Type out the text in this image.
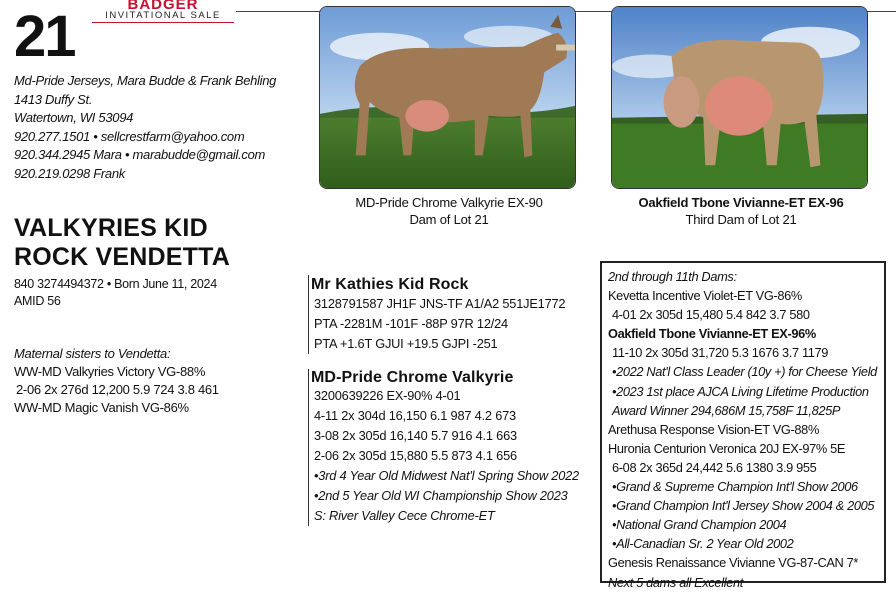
21	BADGER
INVITATIONAL SALE
Md-Pride Jerseys, Mara Budde & Frank Behling
1413 Duffy St.
Watertown, WI 53094
920.277.1501 • sellcrestfarm@yahoo.com
920.344.2945 Mara • marabudde@gmail.com
920.219.0298 Frank
MD-Pride Chrome Valkyrie EX-90
Dam of Lot 21
Oakfield Tbone Vivianne-ET EX-96
Third Dam of Lot 21
VALKYRIES KID
ROCK VENDETTA
840 3274494372 • Born June 11, 2024
AMID 56
Maternal sisters to Vendetta:
WW-MD Valkyries Victory VG-88%
2-06 2x 276d 12,200 5.9 724 3.8 461
WW-MD Magic Vanish VG-86%
Mr Kathies Kid Rock
3128791587 JH1F JNS-TF A1/A2 551JE1772
PTA -2281M -101F -88P 97R 12/24
PTA +1.6T GJUI +19.5 GJPI -251
MD-Pride Chrome Valkyrie
3200639226 EX-90% 4-01
4-11 2x 304d 16,150 6.1 987 4.2 673
3-08 2x 305d 16,140 5.7 916 4.1 663
2-06 2x 305d 15,880 5.5 873 4.1 656
•3rd 4 Year Old Midwest Nat'l Spring Show 2022
•2nd 5 Year Old WI Championship Show 2023
S: River Valley Cece Chrome-ET
2nd through 11th Dams:
Kevetta Incentive Violet-ET VG-86%
4-01 2x 305d 15,480 5.4 842 3.7 580
Oakfield Tbone Vivianne-ET EX-96%
11-10 2x 305d 31,720 5.3 1676 3.7 1179
•2022 Nat'l Class Leader (10y +) for Cheese Yield
•2023 1st place AJCA Living Lifetime Production
Award Winner 294,686M 15,758F 11,825P
Arethusa Response Vision-ET VG-88%
Huronia Centurion Veronica 20J EX-97% 5E
6-08 2x 365d 24,442 5.6 1380 3.9 955
•Grand & Supreme Champion Int'l Show 2006
•Grand Champion Int'l Jersey Show 2004 & 2005
•National Grand Champion 2004
•All-Canadian Sr. 2 Year Old 2002
Genesis Renaissance Vivianne VG-87-CAN 7*
Next 5 dams all Excellent
